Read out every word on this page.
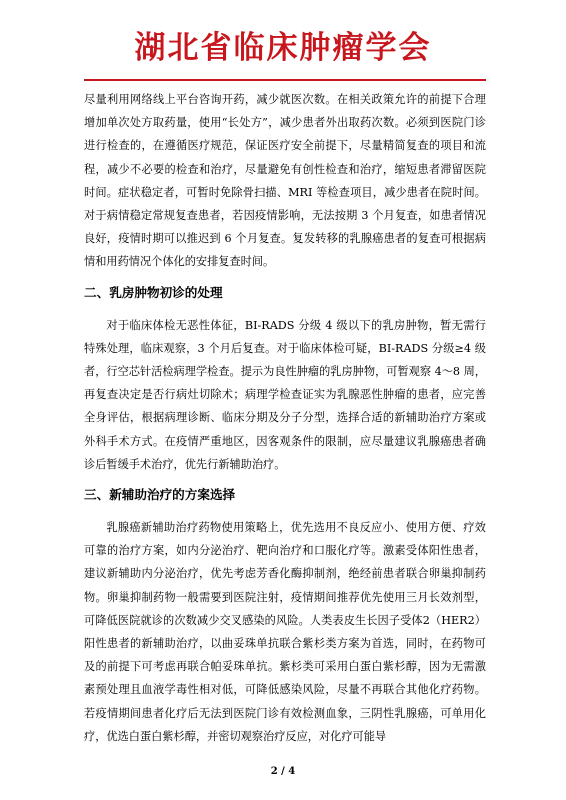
湖北省临床肿瘤学会

尽量利用网络线上平台咨询开药，减少就医次数。在相关政策允许的前提下合理增加单次处方取药量，使用“长处方”，减少患者外出取药次数。必须到医院门诊进行检查的，在遵循医疗规范，保证医疗安全前提下，尽量精简复查的项目和流程，减少不必要的检查和治疗，尽量避免有创性检查和治疗，缩短患者滞留医院时间。症状稳定者，可暂时免除骨扫描、MRI 等检查项目，减少患者在院时间。对于病情稳定常规复查患者，若因疫情影响，无法按期 3 个月复查，如患者情况良好，疫情时期可以推迟到 6 个月复查。复发转移的乳腺癌患者的复查可根据病情和用药情况个体化的安排复查时间。

二、乳房肿物初诊的处理

对于临床体检无恶性体征，BI-RADS 分级 4 级以下的乳房肿物，暂无需行特殊处理，临床观察，3 个月后复查。对于临床体检可疑，BI-RADS 分级≥4 级者，行空芯针活检病理学检查。提示为良性肿瘤的乳房肿物，可暂观察 4～8 周，再复查决定是否行病灶切除术；病理学检查证实为乳腺恶性肿瘤的患者，应完善全身评估，根据病理诊断、临床分期及分子分型，选择合适的新辅助治疗方案或外科手术方式。在疫情严重地区，因客观条件的限制，应尽量建议乳腺癌患者确诊后暂缓手术治疗，优先行新辅助治疗。

三、新辅助治疗的方案选择

乳腺癌新辅助治疗药物使用策略上，优先选用不良反应小、使用方便、疗效可靠的治疗方案，如内分泌治疗、靶向治疗和口服化疗等。激素受体阳性患者，建议新辅助内分泌治疗，优先考虑芳香化酶抑制剂，绝经前患者联合卵巢抑制药物。卵巢抑制药物一般需要到医院注射，疫情期间推荐优先使用三月长效剂型，可降低医院就诊的次数减少交叉感染的风险。人类表皮生长因子受体2（HER2）阳性患者的新辅助治疗，以曲妥珠单抗联合紫杉类方案为首选，同时，在药物可及的前提下可考虑再联合帕妥珠单抗。紫杉类可采用白蛋白紫杉醇，因为无需激素预处理且血液学毒性相对低，可降低感染风险，尽量不再联合其他化疗药物。若疫情期间患者化疗后无法到医院门诊有效检测血象，三阴性乳腺癌，可单用化疗，优选白蛋白紫杉醇，并密切观察治疗反应，对化疗可能导

2 / 4
